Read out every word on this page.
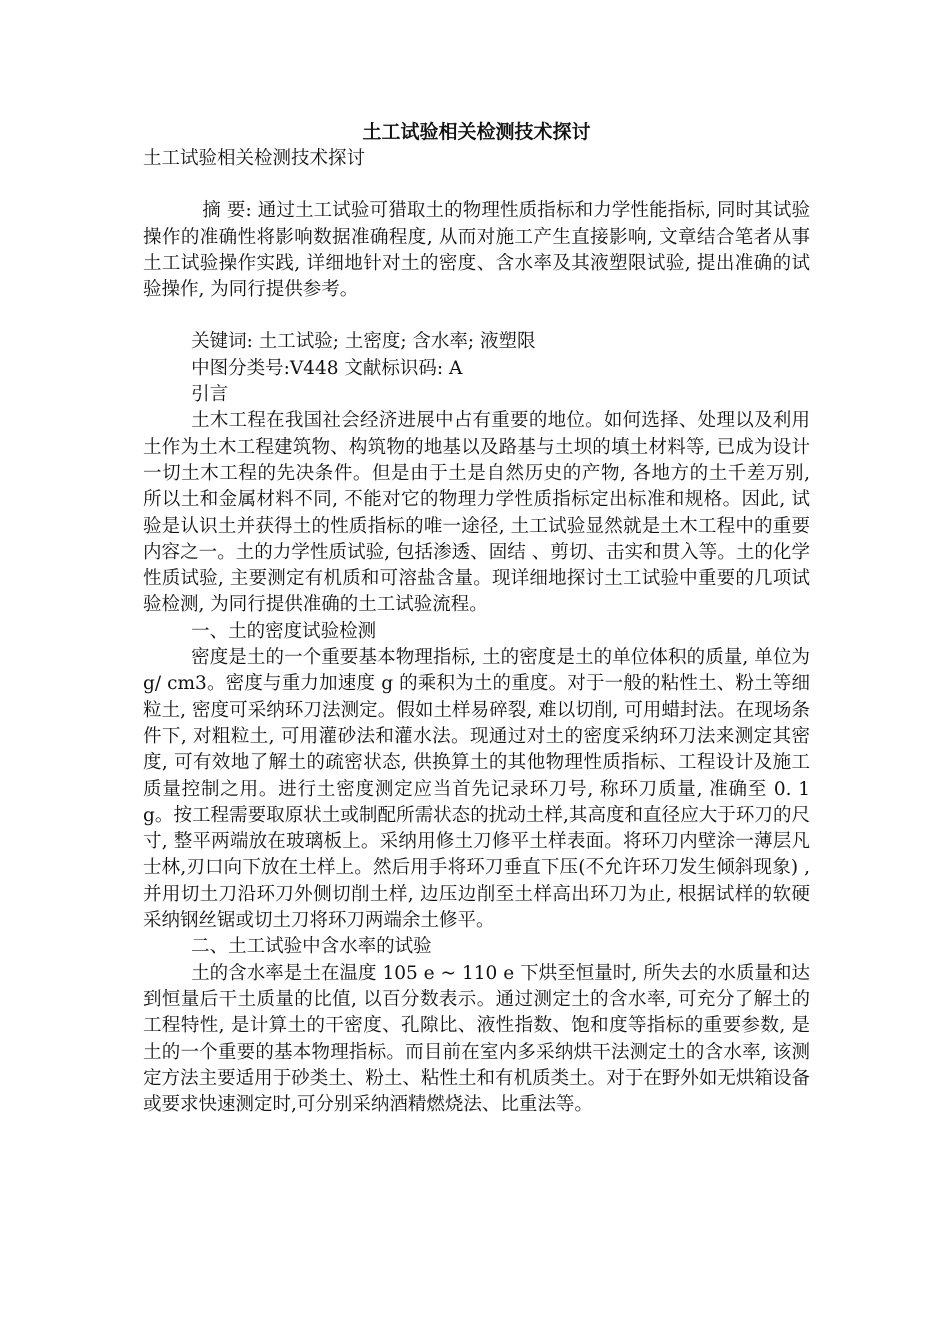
土工试验相关检测技术探讨

土工试验相关检测技术探讨

摘 要: 通过土工试验可猎取土的物理性质指标和力学性能指标, 同时其试验操作的准确性将影响数据准确程度, 从而对施工产生直接影响, 文章结合笔者从事土工试验操作实践, 详细地针对土的密度、含水率及其液塑限试验, 提出准确的试验操作, 为同行提供参考。

关键词: 土工试验; 土密度; 含水率; 液塑限

中图分类号:V448 文献标识码: A

引言

土木工程在我国社会经济进展中占有重要的地位。如何选择、处理以及利用土作为土木工程建筑物、构筑物的地基以及路基与土坝的填土材料等, 已成为设计一切土木工程的先决条件。但是由于土是自然历史的产物, 各地方的土千差万别, 所以土和金属材料不同, 不能对它的物理力学性质指标定出标准和规格。因此, 试验是认识土并获得土的性质指标的唯一途径, 土工试验显然就是土木工程中的重要内容之一。土的力学性质试验, 包括渗透、固结 、剪切、击实和贯入等。土的化学性质试验, 主要测定有机质和可溶盐含量。现详细地探讨土工试验中重要的几项试验检测, 为同行提供准确的土工试验流程。

一、土的密度试验检测

密度是土的一个重要基本物理指标, 土的密度是土的单位体积的质量, 单位为 g/ cm3。密度与重力加速度 g 的乘积为土的重度。对于一般的粘性土、粉土等细粒土, 密度可采纳环刀法测定。假如土样易碎裂, 难以切削, 可用蜡封法。在现场条件下, 对粗粒土, 可用灌砂法和灌水法。现通过对土的密度采纳环刀法来测定其密度, 可有效地了解土的疏密状态, 供换算土的其他物理性质指标、工程设计及施工质量控制之用。进行土密度测定应当首先记录环刀号, 称环刀质量, 准确至 0. 1 g。按工程需要取原状土或制配所需状态的扰动土样,其高度和直径应大于环刀的尺寸, 整平两端放在玻璃板上。采纳用修土刀修平土样表面。将环刀内壁涂一薄层凡士林,刃口向下放在土样上。然后用手将环刀垂直下压(不允许环刀发生倾斜现象) , 并用切土刀沿环刀外侧切削土样, 边压边削至土样高出环刀为止, 根据试样的软硬采纳钢丝锯或切土刀将环刀两端余土修平。

二、土工试验中含水率的试验

土的含水率是土在温度 105 e ~ 110 e 下烘至恒量时, 所失去的水质量和达到恒量后干土质量的比值, 以百分数表示。通过测定土的含水率, 可充分了解土的工程特性, 是计算土的干密度、孔隙比、液性指数、饱和度等指标的重要参数, 是土的一个重要的基本物理指标。而目前在室内多采纳烘干法测定土的含水率, 该测定方法主要适用于砂类土、粉土、粘性土和有机质类土。对于在野外如无烘箱设备或要求快速测定时,可分别采纳酒精燃烧法、比重法等。
